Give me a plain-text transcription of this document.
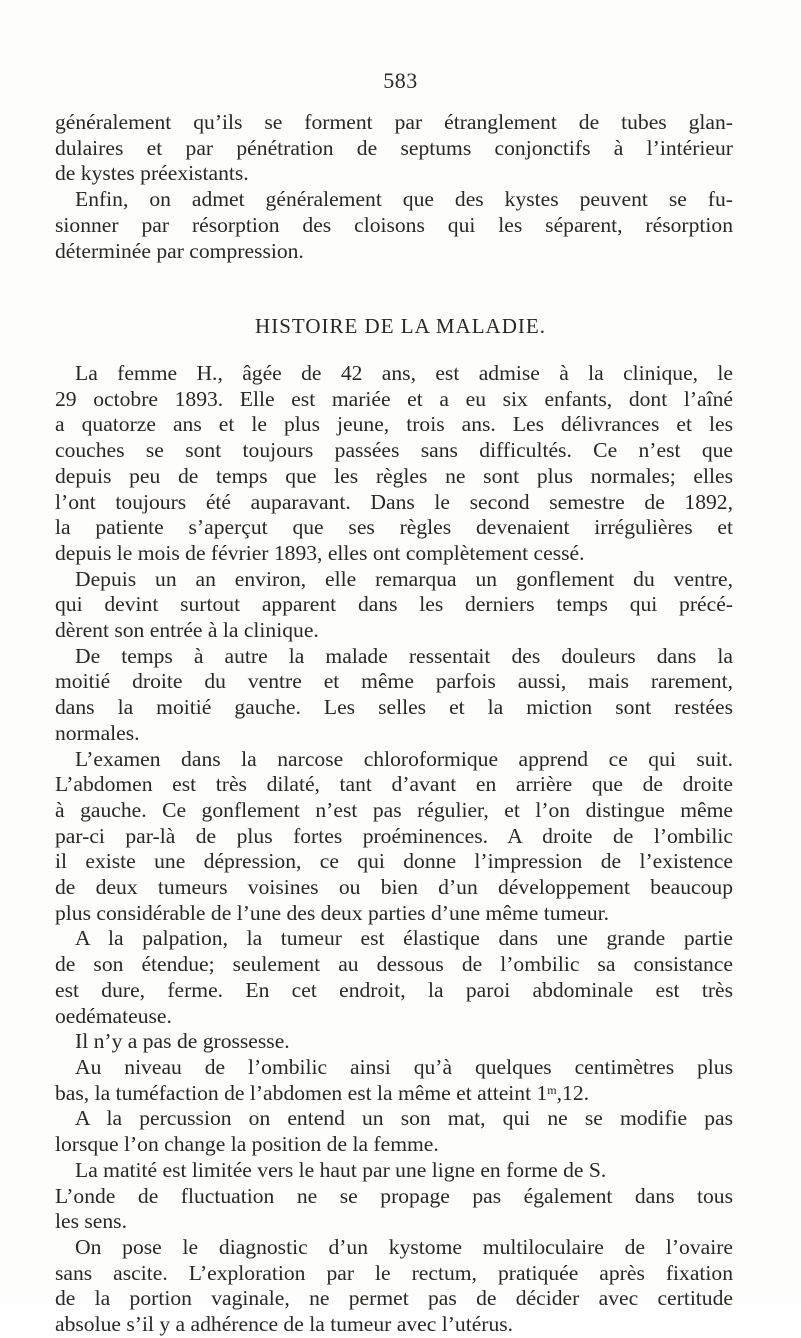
583
généralement qu’ils se forment par étranglement de tubes glan-
dulaires et par pénétration de septums conjonctifs à l’intérieur
de kystes préexistants.
Enfin, on admet généralement que des kystes peuvent se fu-
sionner par résorption des cloisons qui les séparent, résorption
déterminée par compression.
HISTOIRE DE LA MALADIE.
La femme H., âgée de 42 ans, est admise à la clinique, le
29 octobre 1893. Elle est mariée et a eu six enfants, dont l’aîné
a quatorze ans et le plus jeune, trois ans. Les délivrances et les
couches se sont toujours passées sans difficultés. Ce n’est que
depuis peu de temps que les règles ne sont plus normales; elles
l’ont toujours été auparavant. Dans le second semestre de 1892,
la patiente s’aperçut que ses règles devenaient irrégulières et
depuis le mois de février 1893, elles ont complètement cessé.
Depuis un an environ, elle remarqua un gonflement du ventre,
qui devint surtout apparent dans les derniers temps qui précé-
dèrent son entrée à la clinique.
De temps à autre la malade ressentait des douleurs dans la
moitié droite du ventre et même parfois aussi, mais rarement,
dans la moitié gauche. Les selles et la miction sont restées
normales.
L’examen dans la narcose chloroformique apprend ce qui suit.
L’abdomen est très dilaté, tant d’avant en arrière que de droite
à gauche. Ce gonflement n’est pas régulier, et l’on distingue même
par-ci par-là de plus fortes proéminences. A droite de l’ombilic
il existe une dépression, ce qui donne l’impression de l’existence
de deux tumeurs voisines ou bien d’un développement beaucoup
plus considérable de l’une des deux parties d’une même tumeur.
A la palpation, la tumeur est élastique dans une grande partie
de son étendue; seulement au dessous de l’ombilic sa consistance
est dure, ferme. En cet endroit, la paroi abdominale est très
oedémateuse.
Il n’y a pas de grossesse.
Au niveau de l’ombilic ainsi qu’à quelques centimètres plus
bas, la tuméfaction de l’abdomen est la même et atteint 1$^m$,12.
A la percussion on entend un son mat, qui ne se modifie pas
lorsque l’on change la position de la femme.
La matité est limitée vers le haut par une ligne en forme de S.
L’onde de fluctuation ne se propage pas également dans tous
les sens.
On pose le diagnostic d’un kystome multiloculaire de l’ovaire
sans ascite. L’exploration par le rectum, pratiquée après fixation
de la portion vaginale, ne permet pas de décider avec certitude
absolue s’il y a adhérence de la tumeur avec l’utérus.
